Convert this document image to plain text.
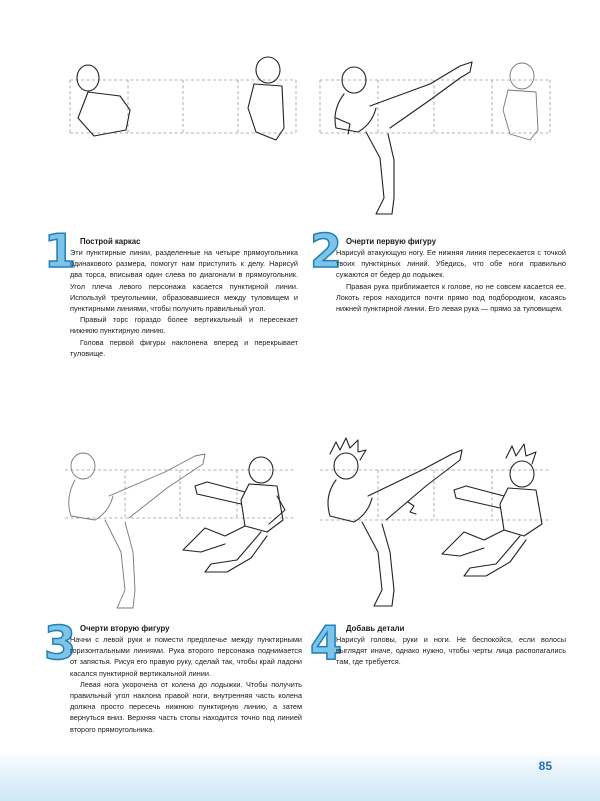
1 Построй каркас

Эти пунктирные линии, разделенные на четыре прямоугольника одинакового размера, помогут нам приступить к делу. Нарисуй два торса, вписывая один слева по диагонали в прямоугольник. Угол плеча левого персонажа касается пунктирной линии. Используй треугольники, образовавшиеся между туловищем и пунктирными линиями, чтобы получить правильный угол.

Правый торс гораздо более вертикальный и пересекает нижнюю пунктирную линию.

Голова первой фигуры наклонена вперед и перекрывает туловище.

2 Очерти первую фигуру

Нарисуй атакующую ногу. Ее нижняя линия пересекается с точкой твоих пунктирных линий. Убедись, что обе ноги правильно сужаются от бедер до лодыжек.

Правая рука приближается к голове, но не совсем касается ее. Локоть героя находится почти прямо под подбородком, касаясь нижней пунктирной линии. Его левая рука — прямо за туловищем.

3 Очерти вторую фигуру

Начни с левой руки и помести предплечье между пунктирными горизонтальными линиями. Рука второго персонажа поднимается от запястья. Рисуя его правую руку, сделай так, чтобы край ладони касался пунктирной вертикальной линии.

Левая нога укорочена от колена до лодыжки. Чтобы получить правильный угол наклона правой ноги, внутренняя часть колена должна просто пересечь нижнюю пунктирную линию, а затем вернуться вниз. Верхняя часть стопы находится точно под линией второго прямоугольника.

4 Добавь детали

Нарисуй головы, руки и ноги. Не беспокойся, если волосы выглядят иначе, однако нужно, чтобы черты лица располагались там, где требуется.

85
